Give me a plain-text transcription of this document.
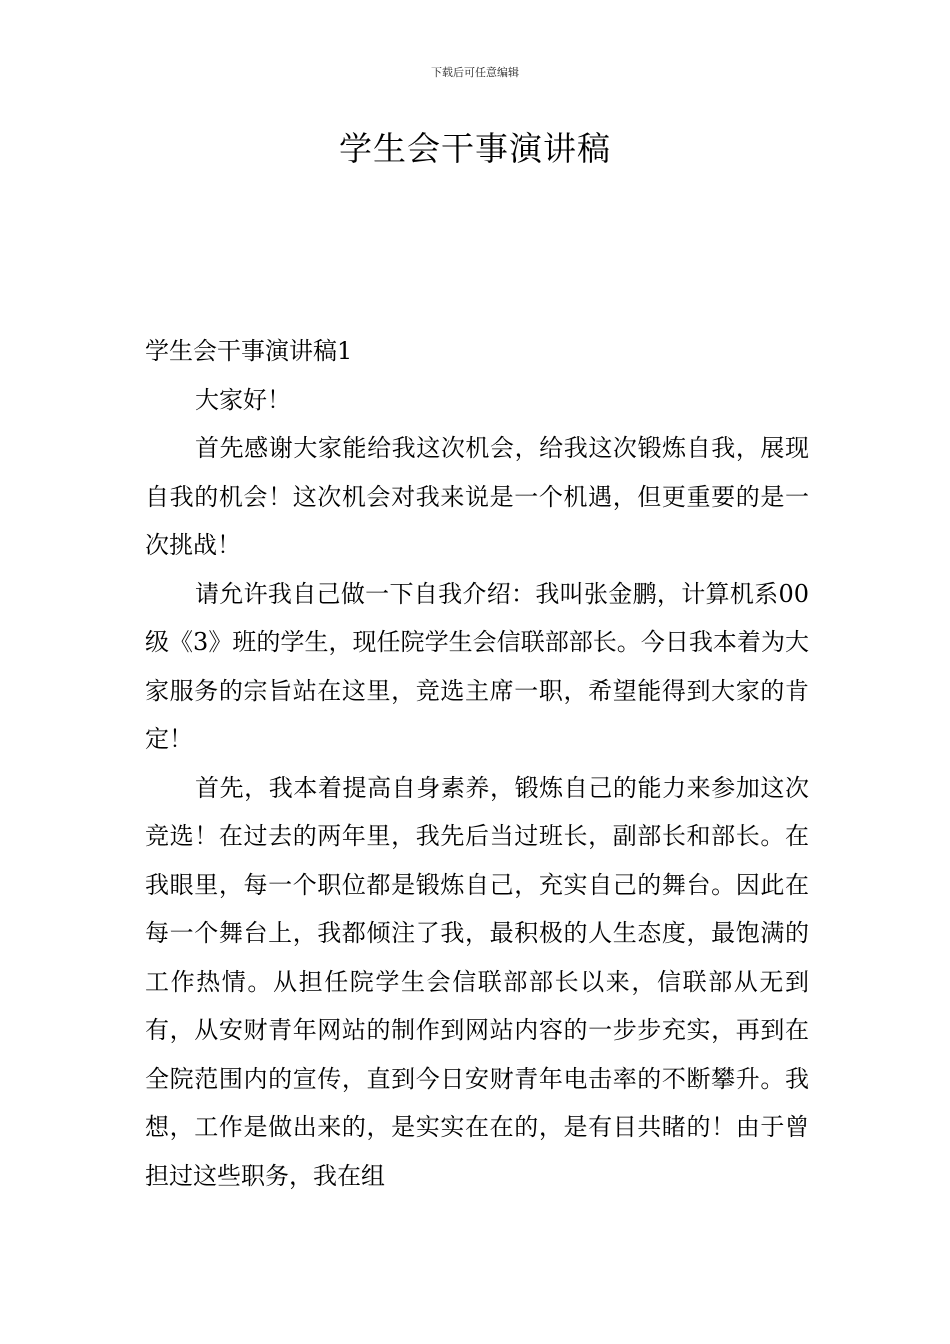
下载后可任意编辑
学生会干事演讲稿

学生会干事演讲稿1

大家好！

首先感谢大家能给我这次机会，给我这次锻炼自我，展现自我的机会！这次机会对我来说是一个机遇，但更重要的是一次挑战！

请允许我自己做一下自我介绍：我叫张金鹏，计算机系00级《3》班的学生，现任院学生会信联部部长。今日我本着为大家服务的宗旨站在这里，竞选主席一职，希望能得到大家的肯定！

首先，我本着提高自身素养，锻炼自己的能力来参加这次竞选！在过去的两年里，我先后当过班长，副部长和部长。在我眼里，每一个职位都是锻炼自己，充实自己的舞台。因此在每一个舞台上，我都倾注了我，最积极的人生态度，最饱满的工作热情。从担任院学生会信联部部长以来，信联部从无到有，从安财青年网站的制作到网站内容的一步步充实，再到在全院范围内的宣传，直到今日安财青年电击率的不断攀升。我想，工作是做出来的，是实实在在的，是有目共睹的！由于曾担过这些职务，我在组
